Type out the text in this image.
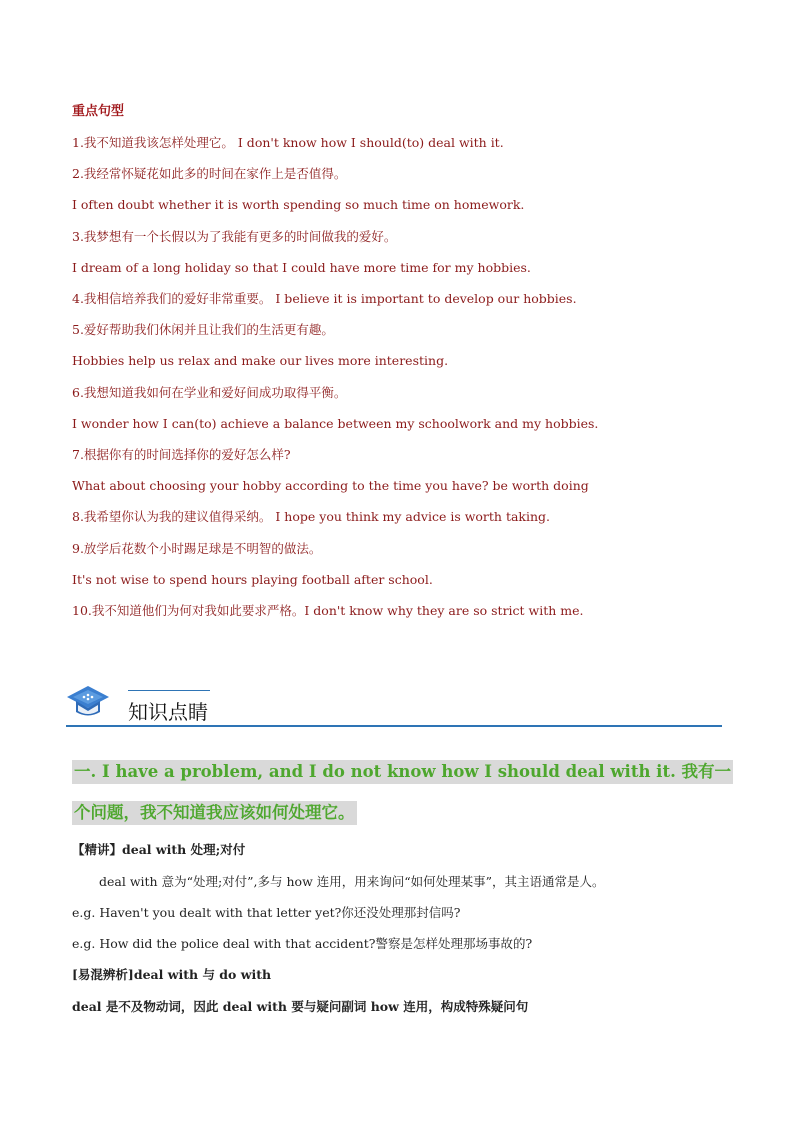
重点句型
1.我不知道我该怎样处理它。 I don't know how I should(to) deal with it.
2.我经常怀疑花如此多的时间在家作上是否值得。
I often doubt whether it is worth spending so much time on homework.
3.我梦想有一个长假以为了我能有更多的时间做我的爱好。
I dream of a long holiday so that I could have more time for my hobbies.
4.我相信培养我们的爱好非常重要。 I believe it is important to develop our hobbies.
5.爱好帮助我们休闲并且让我们的生活更有趣。
Hobbies help us relax and make our lives more interesting.
6.我想知道我如何在学业和爱好间成功取得平衡。
I wonder how I can(to) achieve a balance between my schoolwork and my hobbies.
7.根据你有的时间选择你的爱好怎么样?
What about choosing your hobby according to the time you have? be worth doing
8.我希望你认为我的建议值得采纳。 I hope you think my advice is worth taking.
9.放学后花数个小时踢足球是不明智的做法。
It's not wise to spend hours playing football after school.
10.我不知道他们为何对我如此要求严格。I don't know why they are so strict with me.
知识点睛
一. I have a problem, and I do not know how I should deal with it. 我有一
个问题，我不知道我应该如何处理它。
【精讲】deal with 处理;对付
deal with 意为“处理;对付”,多与 how 连用，用来询问“如何处理某事”，其主语通常是人。
e.g. Haven't you dealt with that letter yet?你还没处理那封信吗?
e.g. How did the police deal with that accident?警察是怎样处理那场事故的?
[易混辨析]deal with 与 do with
deal 是不及物动词，因此 deal with 要与疑问副词 how 连用，构成特殊疑问句
